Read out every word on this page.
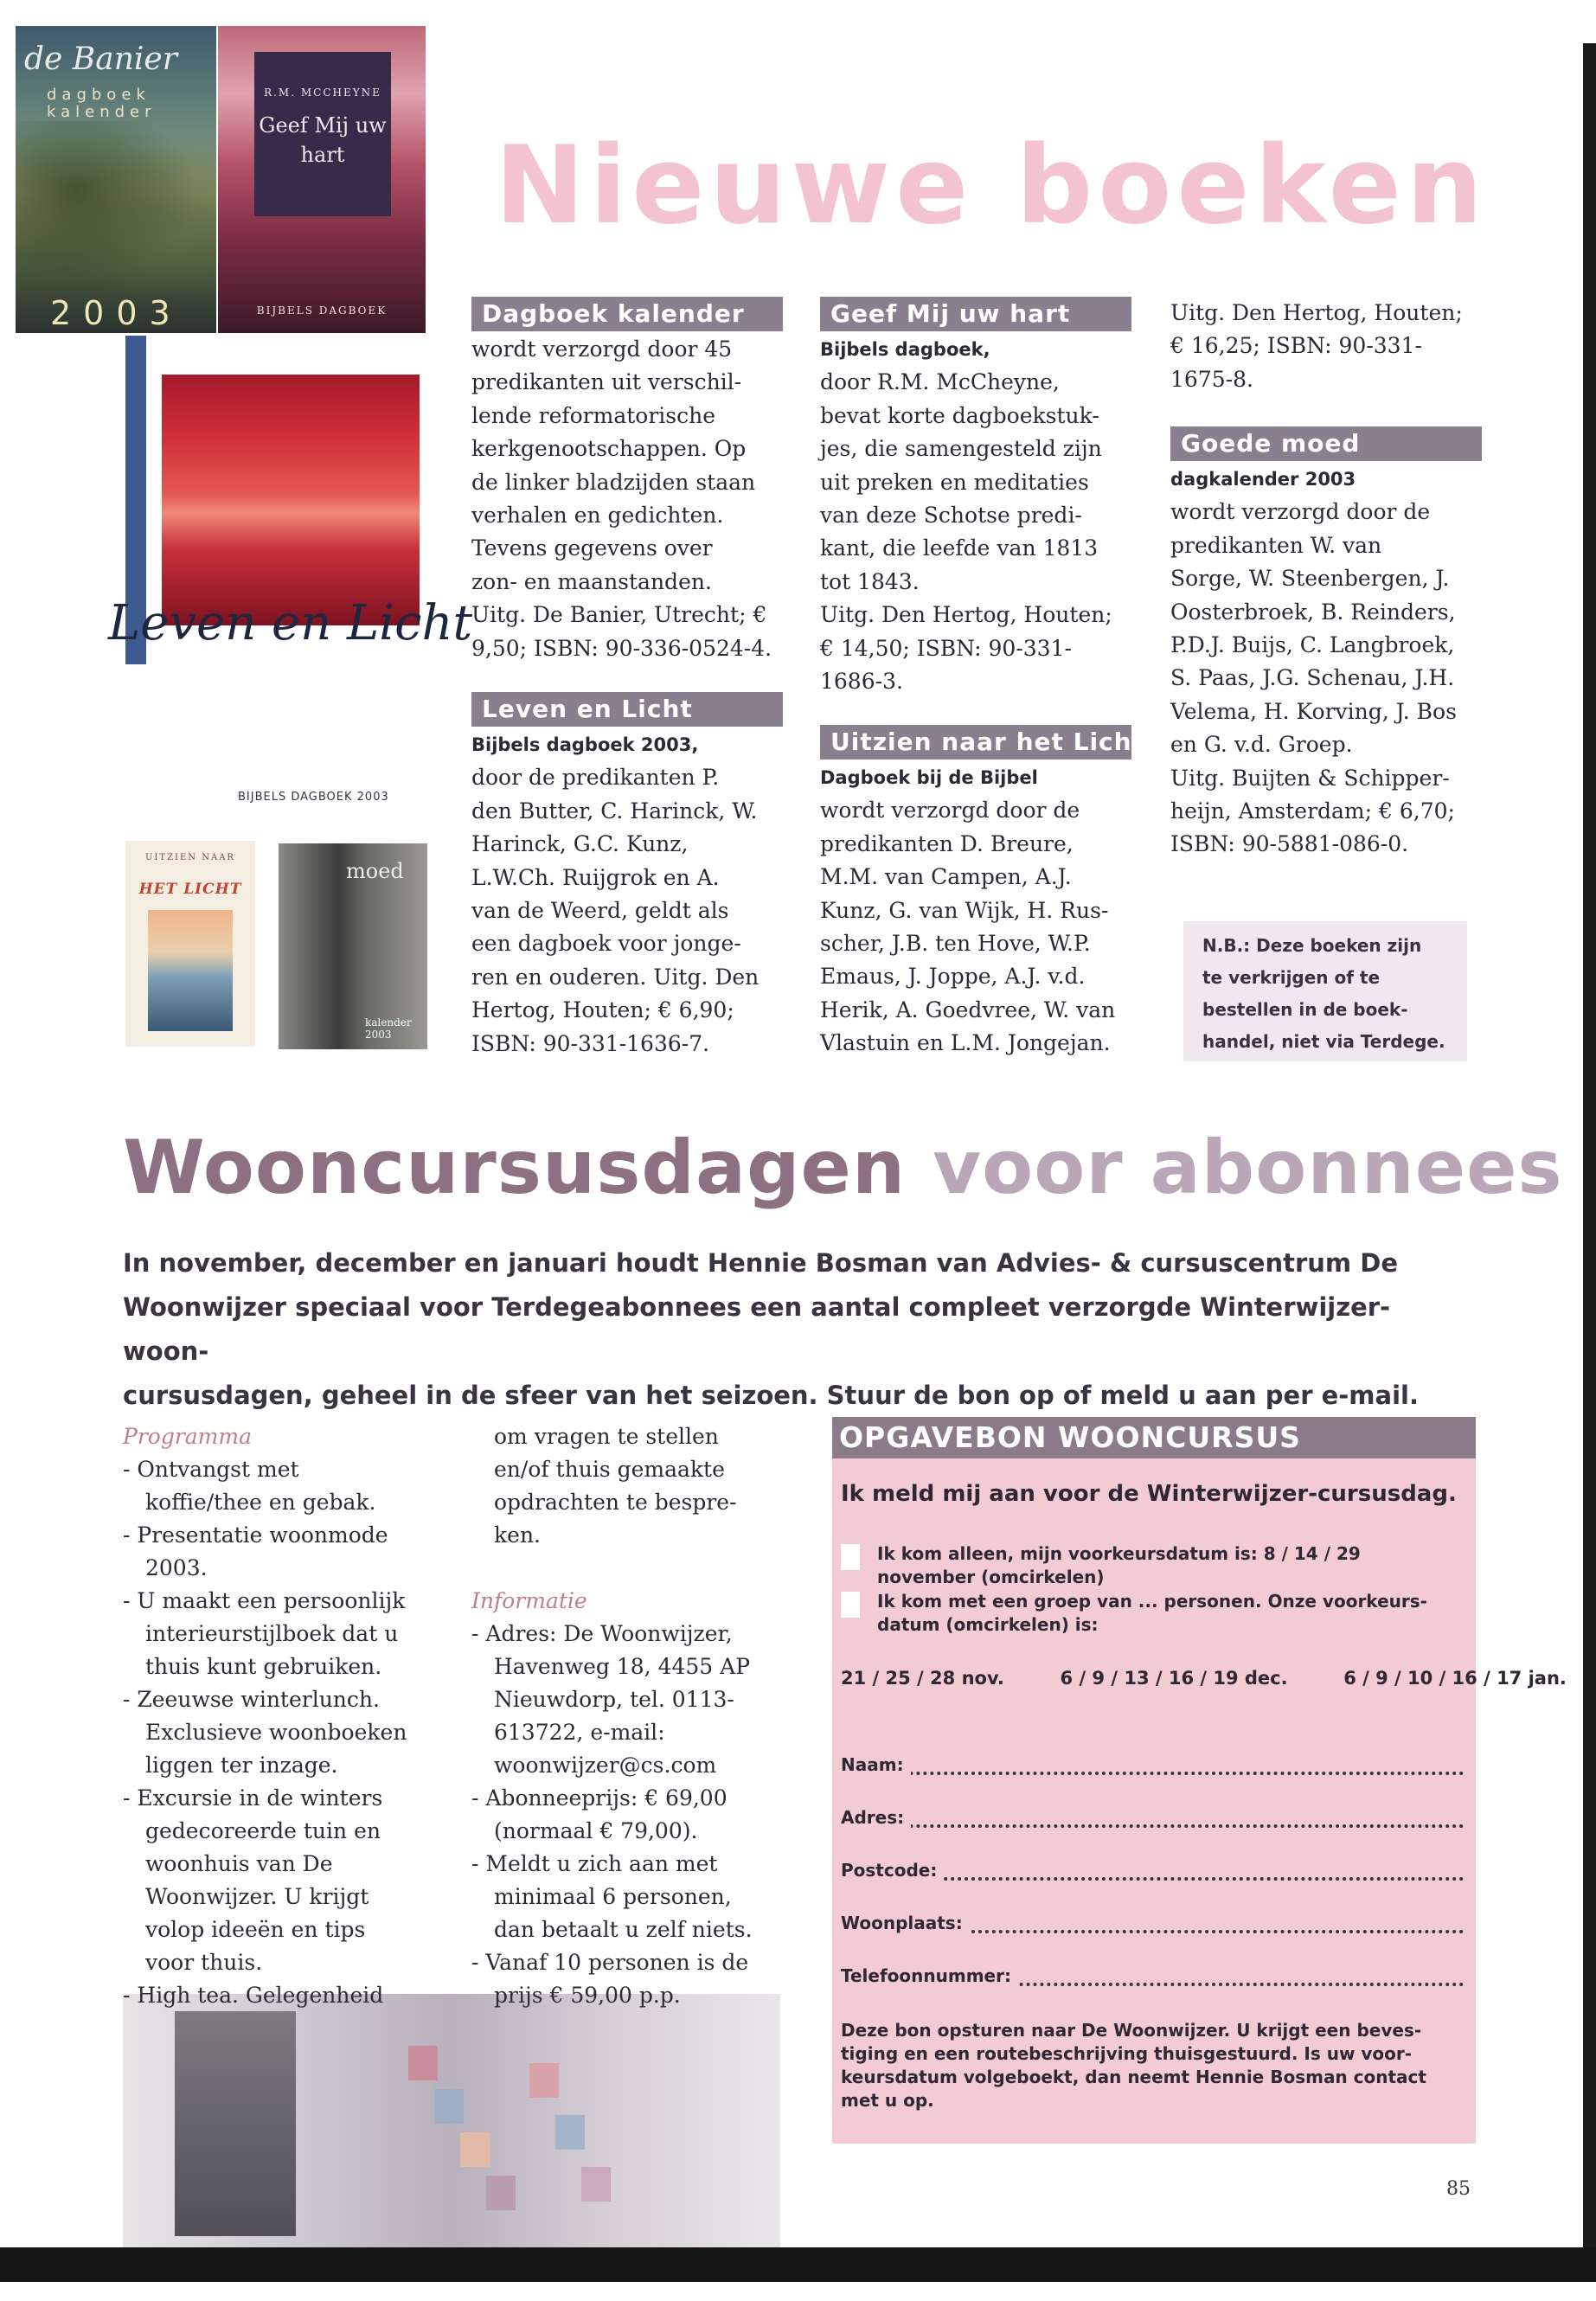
de Banier
dagboek kalender
2003
R.M. MCCHEYNE
Geef Mij uw hart
BIJBELS DAGBOEK
Leven en Licht
BIJBELS DAGBOEK 2003
UITZIEN NAAR
HET LICHT
moed
kalender 2003
Nieuwe boeken
Dagboek kalender
wordt verzorgd door 45
predikanten uit verschil-
lende reformatorische
kerkgenootschappen. Op
de linker bladzijden staan
verhalen en gedichten.
Tevens gegevens over
zon- en maanstanden.
Uitg. De Banier, Utrecht; €
9,50; ISBN: 90-336-0524-4.
Leven en Licht
Bijbels dagboek 2003,
door de predikanten P.
den Butter, C. Harinck, W.
Harinck, G.C. Kunz,
L.W.Ch. Ruijgrok en A.
van de Weerd, geldt als
een dagboek voor jonge-
ren en ouderen. Uitg. Den
Hertog, Houten; € 6,90;
ISBN: 90-331-1636-7.
Geef Mij uw hart
Bijbels dagboek,
door R.M. McCheyne,
bevat korte dagboekstuk-
jes, die samengesteld zijn
uit preken en meditaties
van deze Schotse predi-
kant, die leefde van 1813
tot 1843.
Uitg. Den Hertog, Houten;
€ 14,50; ISBN: 90-331-
1686-3.
Uitzien naar het Licht
Dagboek bij de Bijbel
wordt verzorgd door de
predikanten D. Breure,
M.M. van Campen, A.J.
Kunz, G. van Wijk, H. Rus-
scher, J.B. ten Hove, W.P.
Emaus, J. Joppe, A.J. v.d.
Herik, A. Goedvree, W. van
Vlastuin en L.M. Jongejan.
Uitg. Den Hertog, Houten;
€ 16,25; ISBN: 90-331-
1675-8.
Goede moed
dagkalender 2003
wordt verzorgd door de
predikanten W. van
Sorge, W. Steenbergen, J.
Oosterbroek, B. Reinders,
P.D.J. Buijs, C. Langbroek,
S. Paas, J.G. Schenau, J.H.
Velema, H. Korving, J. Bos
en G. v.d. Groep.
Uitg. Buijten & Schipper-
heijn, Amsterdam; € 6,70;
ISBN: 90-5881-086-0.
N.B.: Deze boeken zijn
te verkrijgen of te
bestellen in de boek-
handel, niet via Terdege.
Wooncursusdagen voor abonnees
In november, december en januari houdt Hennie Bosman van Advies- & cursuscentrum De
Woonwijzer speciaal voor Terdegeabonnees een aantal compleet verzorgde Winterwijzer-woon-
cursusdagen, geheel in de sfeer van het seizoen. Stuur de bon op of meld u aan per e-mail.
Programma
- Ontvangst met
koffie/thee en gebak.
- Presentatie woonmode
2003.
- U maakt een persoonlijk
interieurstijlboek dat u
thuis kunt gebruiken.
- Zeeuwse winterlunch.
Exclusieve woonboeken
liggen ter inzage.
- Excursie in de winters
gedecoreerde tuin en
woonhuis van De
Woonwijzer. U krijgt
volop ideeën en tips
voor thuis.
- High tea. Gelegenheid
om vragen te stellen
en/of thuis gemaakte
opdrachten te bespre-
ken.
Informatie
- Adres: De Woonwijzer,
Havenweg 18, 4455 AP
Nieuwdorp, tel. 0113-
613722, e-mail:
woonwijzer@cs.com
- Abonneeprijs: € 69,00
(normaal € 79,00).
- Meldt u zich aan met
minimaal 6 personen,
dan betaalt u zelf niets.
- Vanaf 10 personen is de
prijs € 59,00 p.p.
OPGAVEBON WOONCURSUS
Ik meld mij aan voor de Winterwijzer-cursusdag.
Ik kom alleen, mijn voorkeursdatum is: 8 / 14 / 29
november (omcirkelen)
Ik kom met een groep van ... personen. Onze voorkeurs-
datum (omcirkelen) is:
21 / 25 / 28 nov.	6 / 9 / 13 / 16 / 19 dec.	6 / 9 / 10 / 16 / 17 jan.
Naam:
Adres:
Postcode:
Woonplaats:
Telefoonnummer:
Deze bon opsturen naar De Woonwijzer. U krijgt een beves-
tiging en een routebeschrijving thuisgestuurd. Is uw voor-
keursdatum volgeboekt, dan neemt Hennie Bosman contact
met u op.
85
